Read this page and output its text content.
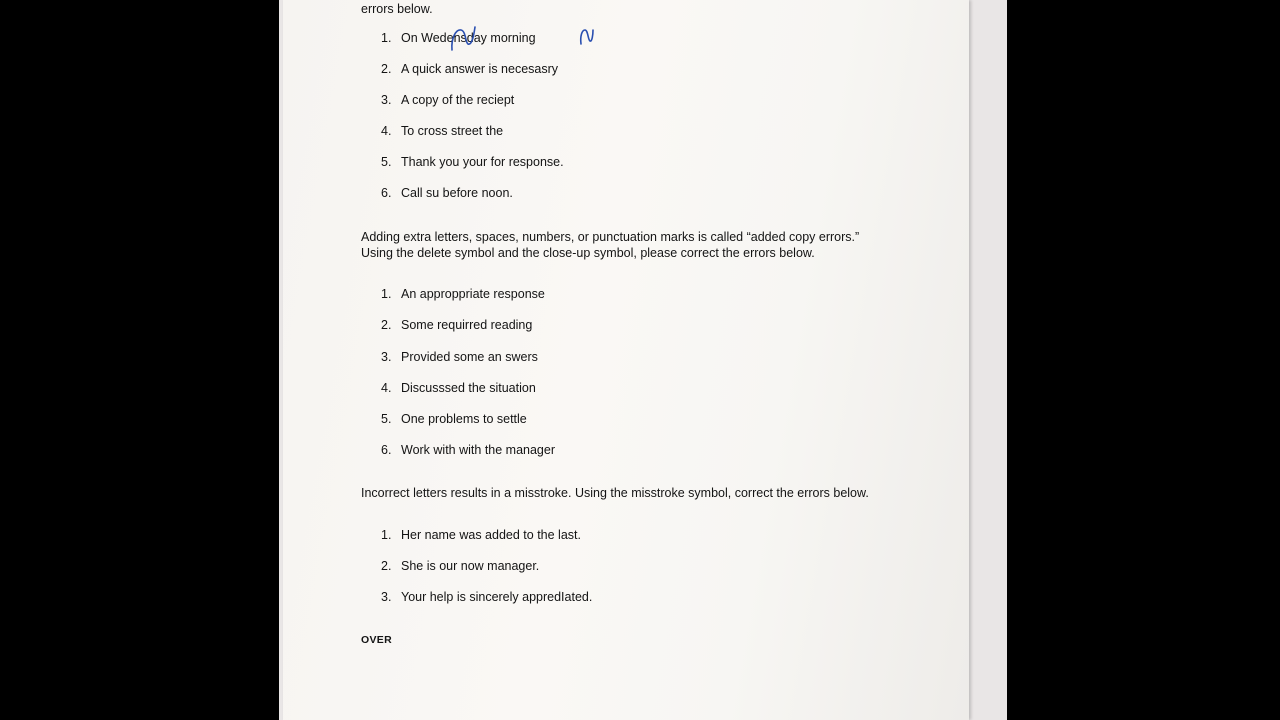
errors below.
1. On Wedensday morning
2. A quick answer is necesasry
3. A copy of the reciept
4. To cross street the
5. Thank you your for response.
6. Call su before noon.

Adding extra letters, spaces, numbers, or punctuation marks is called “added copy errors.” Using the delete symbol and the close-up symbol, please correct the errors below.

1. An approppriate response
2. Some requirred reading
3. Provided some an swers
4. Discusssed the situation
5. One problems to settle
6. Work with with the manager

Incorrect letters results in a misstroke. Using the misstroke symbol, correct the errors below.

1. Her name was added to the last.
2. She is our now manager.
3. Your help is sincerely appredIated.
OVER
